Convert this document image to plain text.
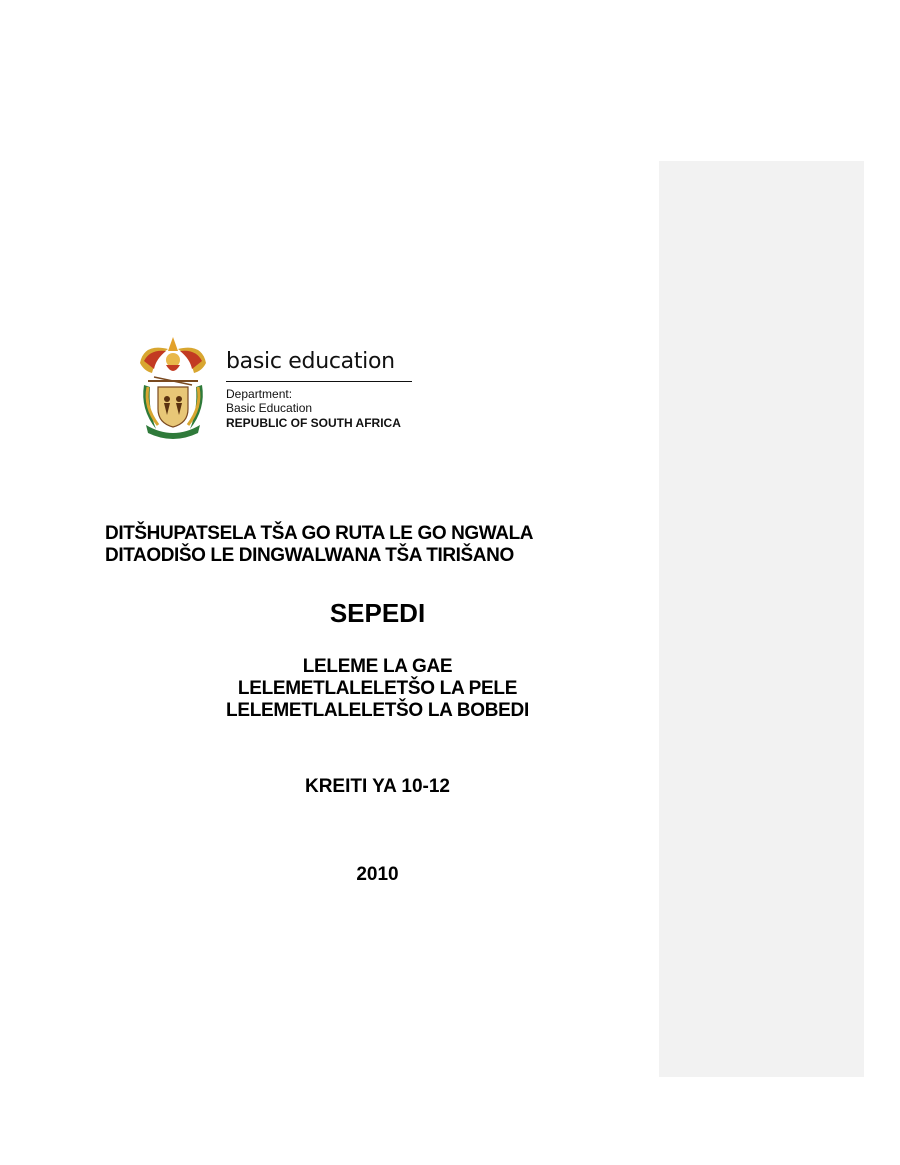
basic education
Department:
Basic Education
REPUBLIC OF SOUTH AFRICA
DITŠHUPATSELA TŠA GO RUTA LE GO NGWALA
DITAODIŠO LE DINGWALWANA TŠA TIRIŠANO
SEPEDI
LELEME LA GAE
LELEMETLALELETŠO LA PELE
LELEMETLALELETŠO LA BOBEDI
KREITI YA 10-12
2010
